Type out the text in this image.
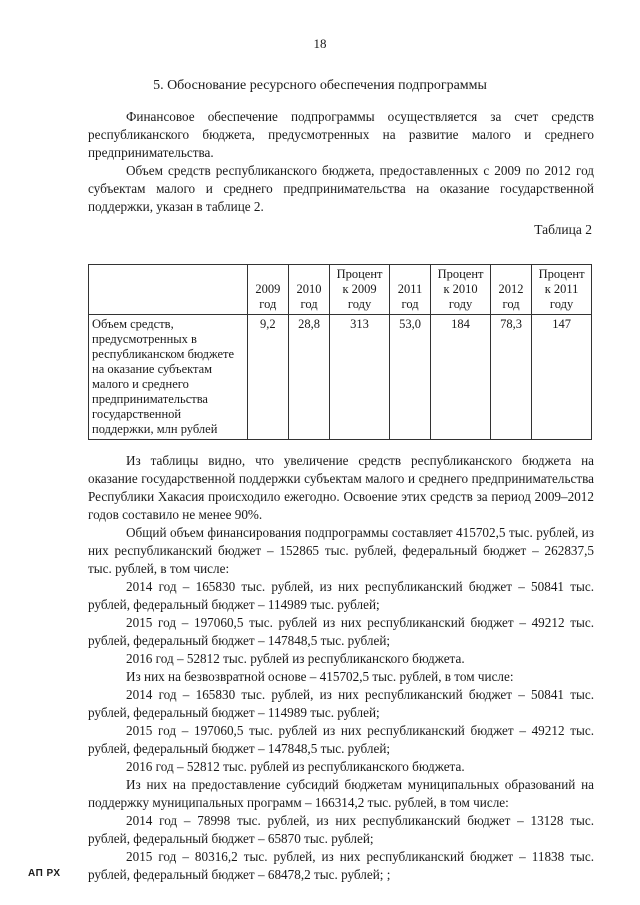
18
5. Обоснование ресурсного обеспечения подпрограммы

Финансовое обеспечение подпрограммы осуществляется за счет средств республиканского бюджета, предусмотренных на развитие малого и среднего предпринимательства.

Объем средств республиканского бюджета, предоставленных с 2009 по 2012 год субъектам малого и среднего предпринимательства на оказание государственной поддержки, указан в таблице 2.

Таблица 2
	2009 год	2010 год	Процент к 2009 году	2011 год	Процент к 2010 году	2012 год	Процент к 2011 году
Объем средств, предусмотренных в республиканском бюджете на оказание субъектам малого и среднего предпринимательства государственной поддержки, млн рублей	9,2	28,8	313	53,0	184	78,3	147

Из таблицы видно, что увеличение средств республиканского бюджета на оказание государственной поддержки субъектам малого и среднего предпринимательства Республики Хакасия происходило ежегодно. Освоение этих средств за период 2009–2012 годов составило не менее 90%.

Общий объем финансирования подпрограммы составляет 415702,5 тыс. рублей, из них республиканский бюджет – 152865 тыс. рублей, федеральный бюджет – 262837,5 тыс. рублей, в том числе:

2014 год – 165830 тыс. рублей, из них республиканский бюджет – 50841 тыс. рублей, федеральный бюджет – 114989 тыс. рублей;

2015 год – 197060,5 тыс. рублей из них республиканский бюджет – 49212 тыс. рублей, федеральный бюджет – 147848,5 тыс. рублей;

2016 год – 52812 тыс. рублей из республиканского бюджета.

Из них на безвозвратной основе – 415702,5 тыс. рублей, в том числе:

2014 год – 165830 тыс. рублей, из них республиканский бюджет – 50841 тыс. рублей, федеральный бюджет – 114989 тыс. рублей;

2015 год – 197060,5 тыс. рублей из них республиканский бюджет – 49212 тыс. рублей, федеральный бюджет – 147848,5 тыс. рублей;

2016 год – 52812 тыс. рублей из республиканского бюджета.

Из них на предоставление субсидий бюджетам муниципальных образований на поддержку муниципальных программ – 166314,2 тыс. рублей, в том числе:

2014 год – 78998 тыс. рублей, из них республиканский бюджет – 13128 тыс. рублей, федеральный бюджет – 65870 тыс. рублей;

2015 год – 80316,2 тыс. рублей, из них республиканский бюджет – 11838 тыс. рублей, федеральный бюджет – 68478,2 тыс. рублей; ;

АП РХ
